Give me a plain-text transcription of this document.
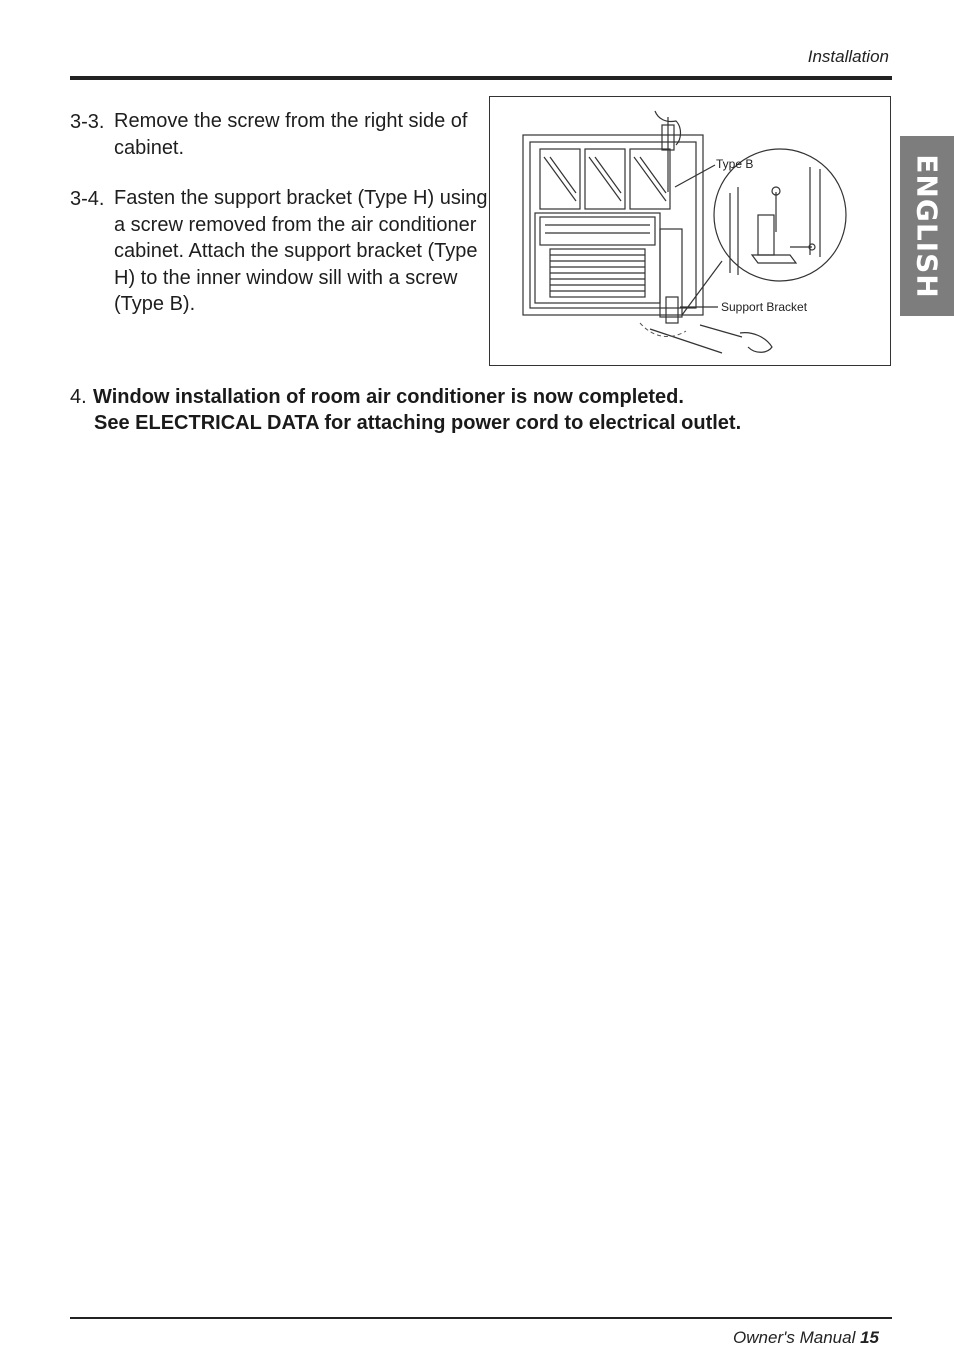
Installation
ENGLISH
3-3. Remove the screw from the right side of cabinet.
3-4. Fasten the support bracket (Type H) using a screw removed from the air conditioner cabinet. Attach the support bracket (Type H) to the inner window sill with a screw (Type B).
Type B
Support Bracket
4. Window installation of room air conditioner is now completed.
See ELECTRICAL DATA for attaching power cord to electrical outlet.
Owner's Manual 15
